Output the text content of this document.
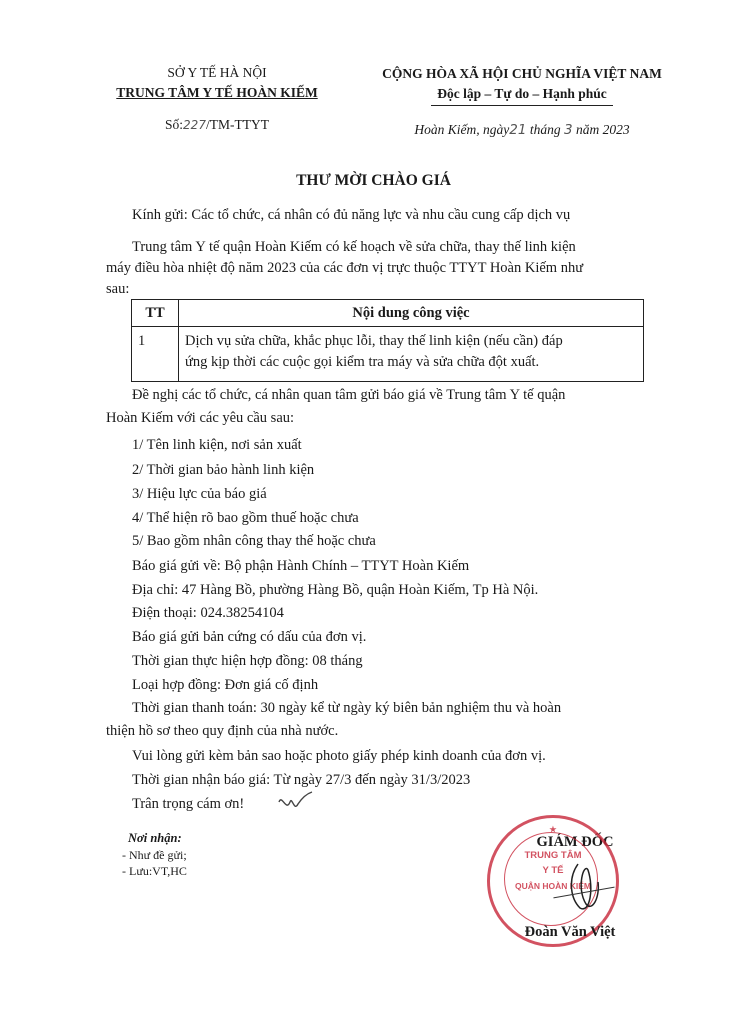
SỞ Y TẾ HÀ NỘI
TRUNG TÂM Y TẾ HOÀN KIẾM
Số:227/TM-TTYT
CỘNG HÒA XÃ HỘI CHỦ NGHĨA VIỆT NAM
Độc lập – Tự do – Hạnh phúc
Hoàn Kiếm, ngày21 tháng 3 năm 2023
THƯ MỜI CHÀO GIÁ
Kính gửi: Các tổ chức, cá nhân có đủ năng lực và nhu cầu cung cấp dịch vụ
Trung tâm Y tế quận Hoàn Kiếm có kế hoạch về sửa chữa, thay thế linh kiện
máy điều hòa nhiệt độ năm 2023 của các đơn vị trực thuộc TTYT Hoàn Kiếm như
sau:
TT	Nội dung công việc
1	Dịch vụ sửa chữa, khắc phục lỗi, thay thế linh kiện (nếu cần) đáp
ứng kịp thời các cuộc gọi kiểm tra máy và sửa chữa đột xuất.
Đề nghị các tổ chức, cá nhân quan tâm gửi báo giá về Trung tâm Y tế quận
Hoàn Kiếm với các yêu cầu sau:
1/ Tên linh kiện, nơi sản xuất
2/ Thời gian bảo hành linh kiện
3/ Hiệu lực của báo giá
4/ Thể hiện rõ bao gồm thuế hoặc chưa
5/ Bao gồm nhân công thay thế hoặc chưa
Báo giá gửi về: Bộ phận Hành Chính – TTYT Hoàn Kiếm
Địa chỉ: 47 Hàng Bồ, phường Hàng Bồ, quận Hoàn Kiếm, Tp Hà Nội.
Điện thoại: 024.38254104
Báo giá gửi bản cứng có dấu của đơn vị.
Thời gian thực hiện hợp đồng: 08 tháng
Loại hợp đồng: Đơn giá cố định
Thời gian thanh toán: 30 ngày kể từ ngày ký biên bản nghiệm thu và hoàn
thiện hồ sơ theo quy định của nhà nước.
Vui lòng gửi kèm bản sao hoặc photo giấy phép kinh doanh của đơn vị.
Thời gian nhận báo giá: Từ ngày 27/3 đến ngày 31/3/2023
Trân trọng cám ơn!
Nơi nhận:
- Như đề gửi;
- Lưu:VT,HC
GIÁM ĐỐC
TRUNG TÂM
Y TẾ
QUẬN HOÀN KIẾM
★
Đoàn Văn Việt
